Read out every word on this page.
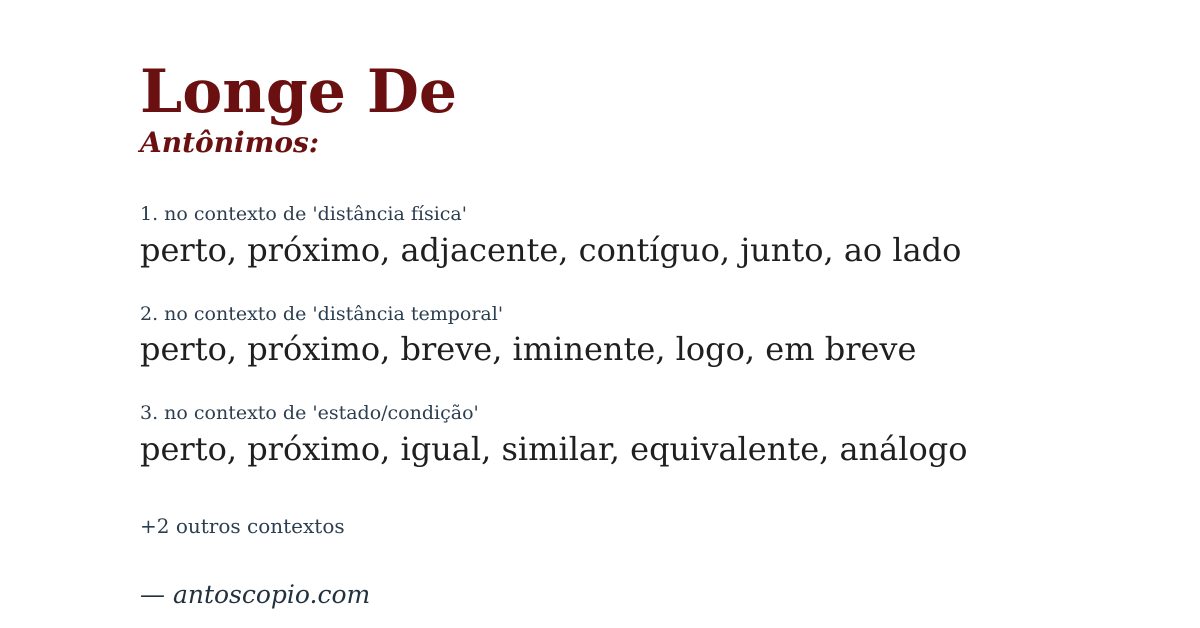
Longe De
Antônimos:

1. no contexto de 'distância física'

perto, próximo, adjacente, contíguo, junto, ao lado

2. no contexto de 'distância temporal'

perto, próximo, breve, iminente, logo, em breve

3. no contexto de 'estado/condição'

perto, próximo, igual, similar, equivalente, análogo

+2 outros contextos
— antoscopio.com
